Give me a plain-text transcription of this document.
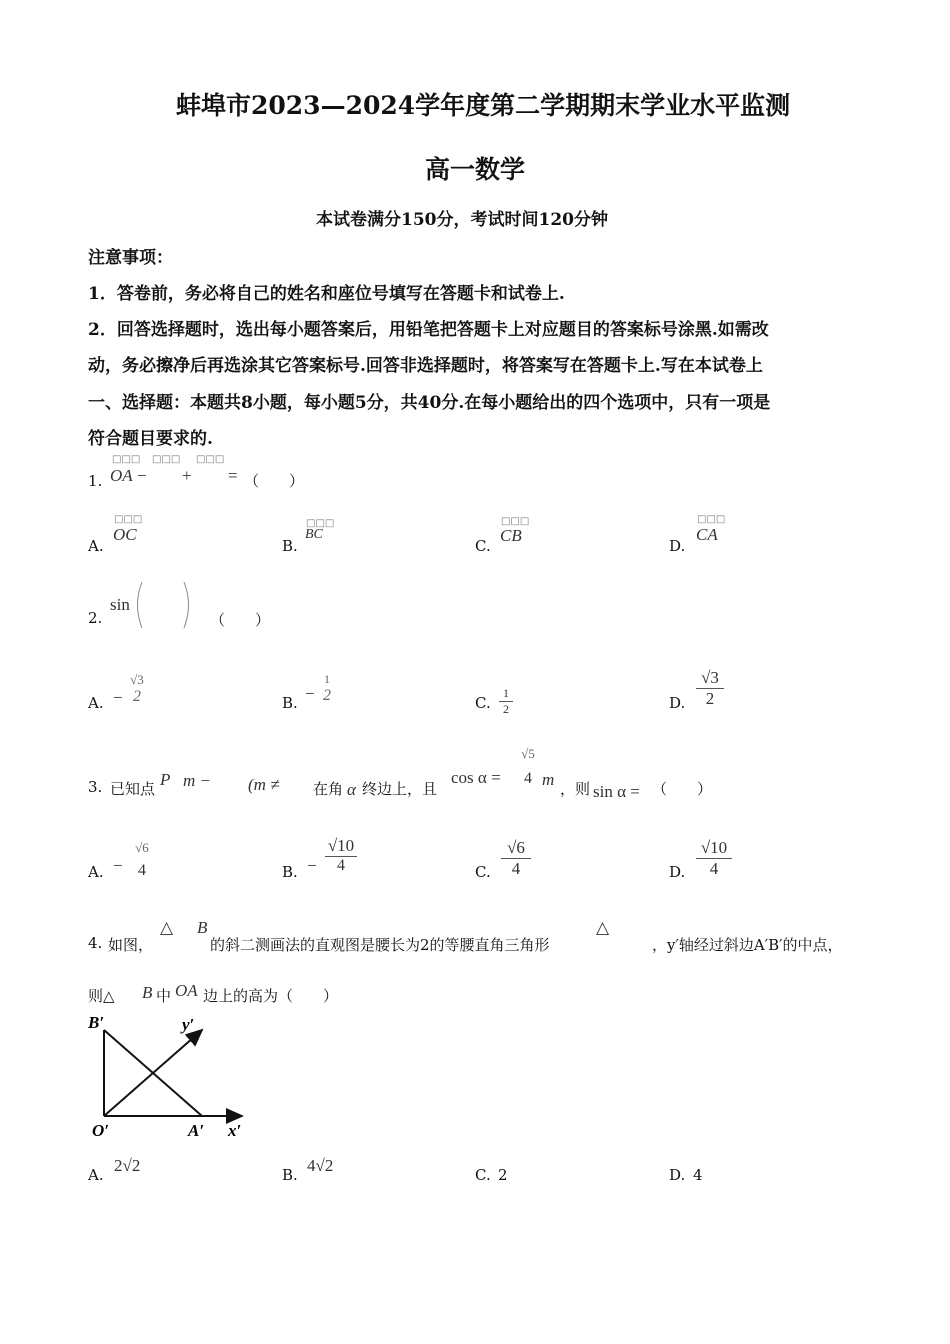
蚌埠市2023—2024学年度第二学期期末学业水平监测
高一数学
本试卷满分150分，考试时间120分钟
注意事项：
1．答卷前，务必将自己的姓名和座位号填写在答题卡和试卷上.
2．回答选择题时，选出每小题答案后，用铅笔把答题卡上对应题目的答案标号涂黑.如需改
动，务必擦净后再选涂其它答案标号.回答非选择题时，将答案写在答题卡上.写在本试卷上
一、选择题：本题共8小题，每小题5分，共40分.在每小题给出的四个选项中，只有一项是
符合题目要求的.
1.
□□□ □□□ □□□
OA − + = （　　）
A.
□□□
OC
B.
□□□
BC
C.
□□□
CB
D.
□□□
CA
2.
sin
（　　）
A. −
√3
2	B. −
1
2	C. $\frac{1}{2}$	D. $\frac{√3}{2}$
3. 已知点 P m − (m ≠ 在角 α 终边上，且
cos α =
√5
4 m ，则 sin α = （　　）
A. −
√6
4	B. − $\frac{√10}{4}$	C. $\frac{√6}{4}$	D. $\frac{√10}{4}$
4. 如图，
△ B
的斜二测画法的直观图是腰长为2的等腰直角三角形
△
，y′轴经过斜边A′B′的中点，
则△ B 中 OA 边上的高为（　　）
B′	y′
O′	A′ x′
A. 2√2	B. 4√2	C. 2	D. 4
